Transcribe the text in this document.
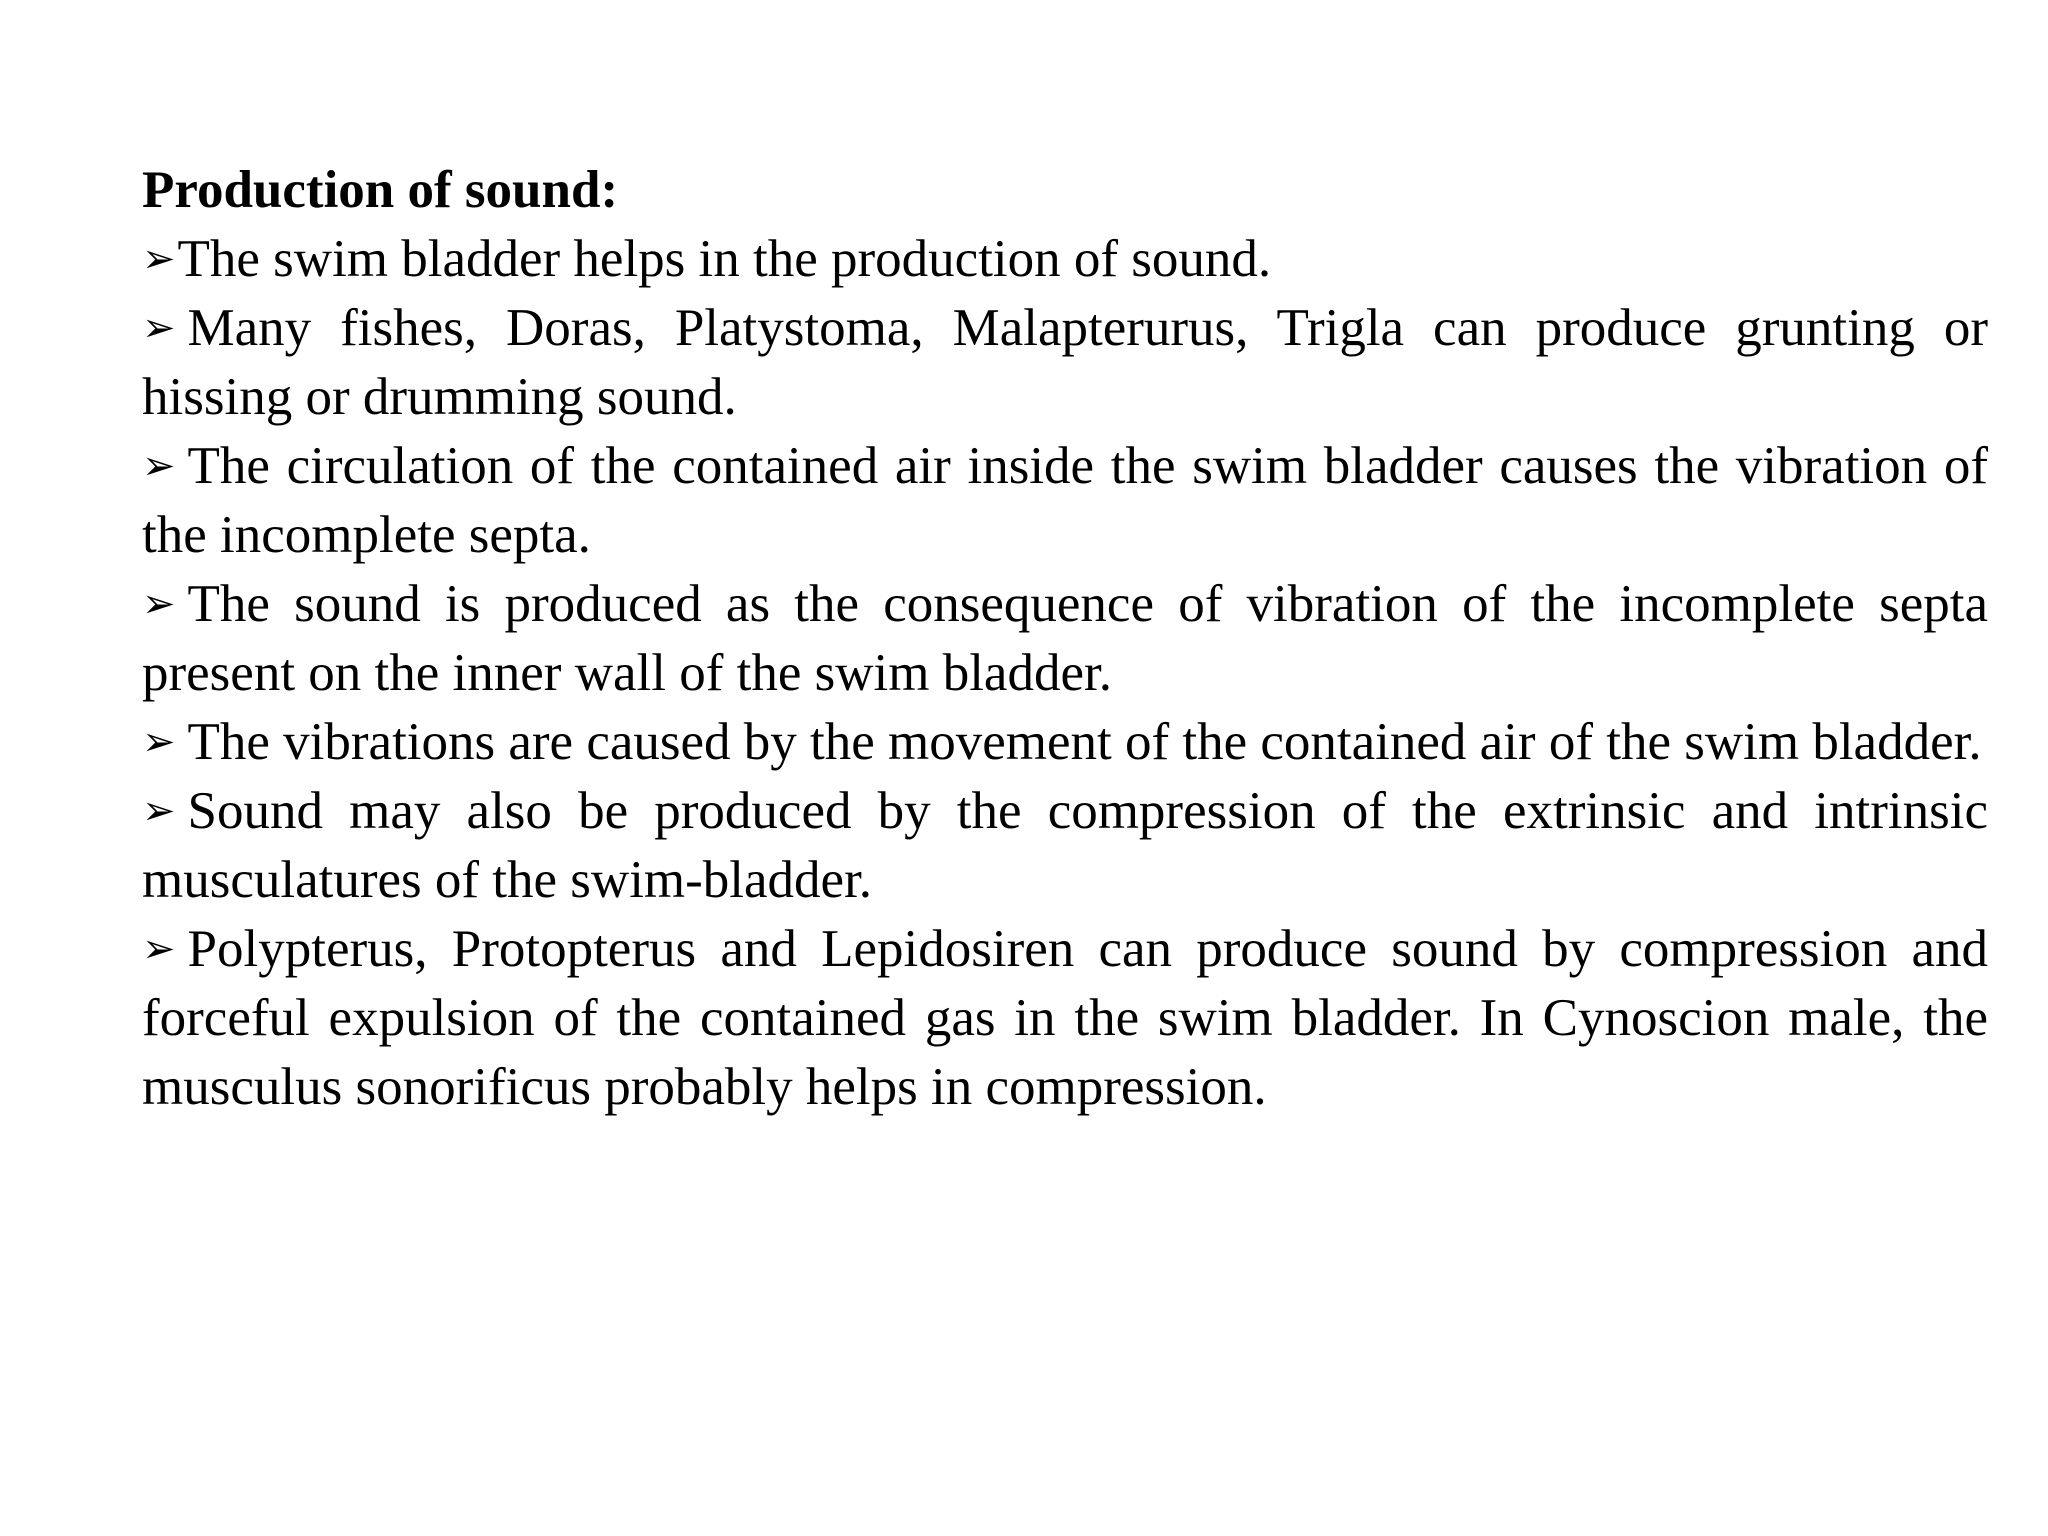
Production of sound:

➢The swim bladder helps in the production of sound.
➢ Many fishes, Doras, Platystoma, Malapterurus, Trigla can produce grunting or hissing or drumming sound.
➢ The circulation of the contained air inside the swim bladder causes the vibration of the incomplete septa.
➢ The sound is produced as the consequence of vibration of the incomplete septa present on the inner wall of the swim bladder.
➢ The vibrations are caused by the movement of the contained air of the swim bladder.
➢ Sound may also be produced by the compression of the extrinsic and intrinsic musculatures of the swim-bladder.
➢ Polypterus, Protopterus and Lepidosiren can produce sound by compression and forceful expulsion of the contained gas in the swim bladder. In Cynoscion male, the musculus sonorificus probably helps in compression.
